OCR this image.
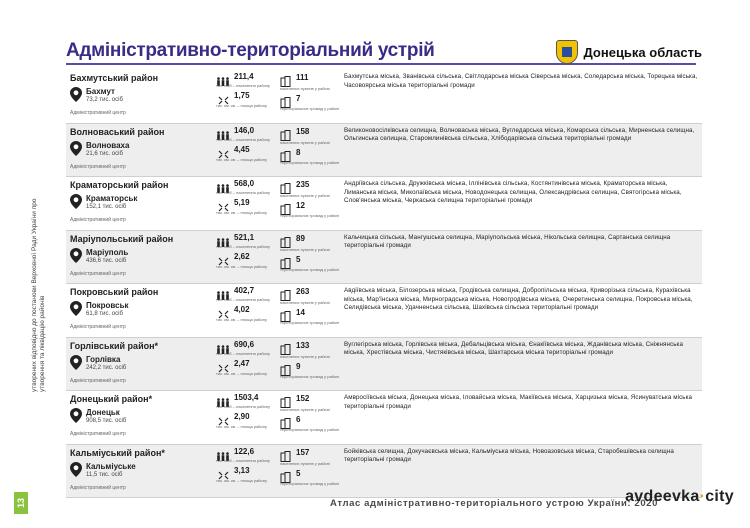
Адміністративно-територіальний устрій	Донецька область
утворених відповідно до постанови Верховної Ради України про утворення та ліквідацію районів
13
Бахмутський район
Бахмут
73,2 тис. осіб
Адміністративний центр
211,4
тис. осіб – населення району
1,75
тис. км. кв. – площа району
111
населених пунктів у районі
7
територіальних громад у районі
Бахмутська міська, Званівська сільська, Світлодарська міська Сіверська міська, Соледарська міська, Торецька міська, Часовоярська міська територіальні громади
Волноваський район
Волноваха
21,6 тис. осіб
Адміністративний центр
146,0
тис. осіб – населення району
4,45
тис. км. кв. – площа району
158
населених пунктів у районі
8
територіальних громад у районі
Великоновосілківська селищна, Волноваська міська, Вугледарська міська, Комарська сільська, Мирненська селищна, Ольгинська селищна, Старомлинівська сільська, Хлібодарівська сільська територіальні громади
Краматорський район
Краматорськ
152,1 тис. осіб
Адміністративний центр
568,0
тис. осіб – населення району
5,19
тис. км. кв. – площа району
235
населених пунктів у районі
12
територіальних громад у районі
Андріївська сільська, Дружківська міська, Іллінівська сільська, Костянтинівська міська, Краматорська міська, Лиманська міська, Миколаївська міська, Новодонецька селищна, Олександрівська селищна, Святогірська міська, Слов'янська міська, Черкаська селищна територіальні громади
Маріупольський район
Маріуполь
436,6 тис. осіб
Адміністративний центр
521,1
тис. осіб – населення району
2,62
тис. км. кв. – площа району
89
населених пунктів у районі
5
територіальних громад у районі
Кальчицька сільська, Мангушська селищна, Маріупольська міська, Нікольська селищна, Сартанська селищна територіальні громади
Покровський район
Покровськ
61,8 тис. осіб
Адміністративний центр
402,7
тис. осіб – населення району
4,02
тис. км. кв. – площа району
263
населених пунктів у районі
14
територіальних громад у районі
Авдіївська міська, Білозерська міська, Гродівська селищна, Добропільська міська, Криворізька сільська, Курахівська міська, Мар'їнська міська, Мирноградська міська, Новогродівська міська, Очеретинська селищна, Покровська міська, Селидівська міська, Удачненська сільська, Шахівська сільська територіальні громади
Горлівський район*
Горлівка
242,2 тис. осіб
Адміністративний центр
690,6
тис. осіб – населення району
2,47
тис. км. кв. – площа району
133
населених пунктів у районі
9
територіальних громад у районі
Вуглегірська міська, Горлівська міська, Дебальцівська міська, Єнакіївська міська, Жданівська міська, Сніжнянська міська, Хрестівська міська, Чистяківська міська, Шахтарська міська територіальні громади
Донецький район*
Донецьк
908,5 тис. осіб
Адміністративний центр
1503,4
тис. осіб – населення району
2,90
тис. км. кв. – площа району
152
населених пунктів у районі
6
територіальних громад у районі
Амвросіївська міська, Донецька міська, Іловайська міська, Макіївська міська, Харцизька міська, Ясинуватська міська територіальні громади
Кальміуський район*
Кальміуське
11,5 тис. осіб
Адміністративний центр
122,6
тис. осіб – населення району
3,13
тис. км. кв. – площа району
157
населених пунктів у районі
5
територіальних громад у районі
Бойківська селищна, Докучаєвська міська, Кальміуська міська, Новоазовська міська, Старобешівська селищна територіальні громади
Атлас адміністративно-територіального устрою України: 2020
avdeevka·city
